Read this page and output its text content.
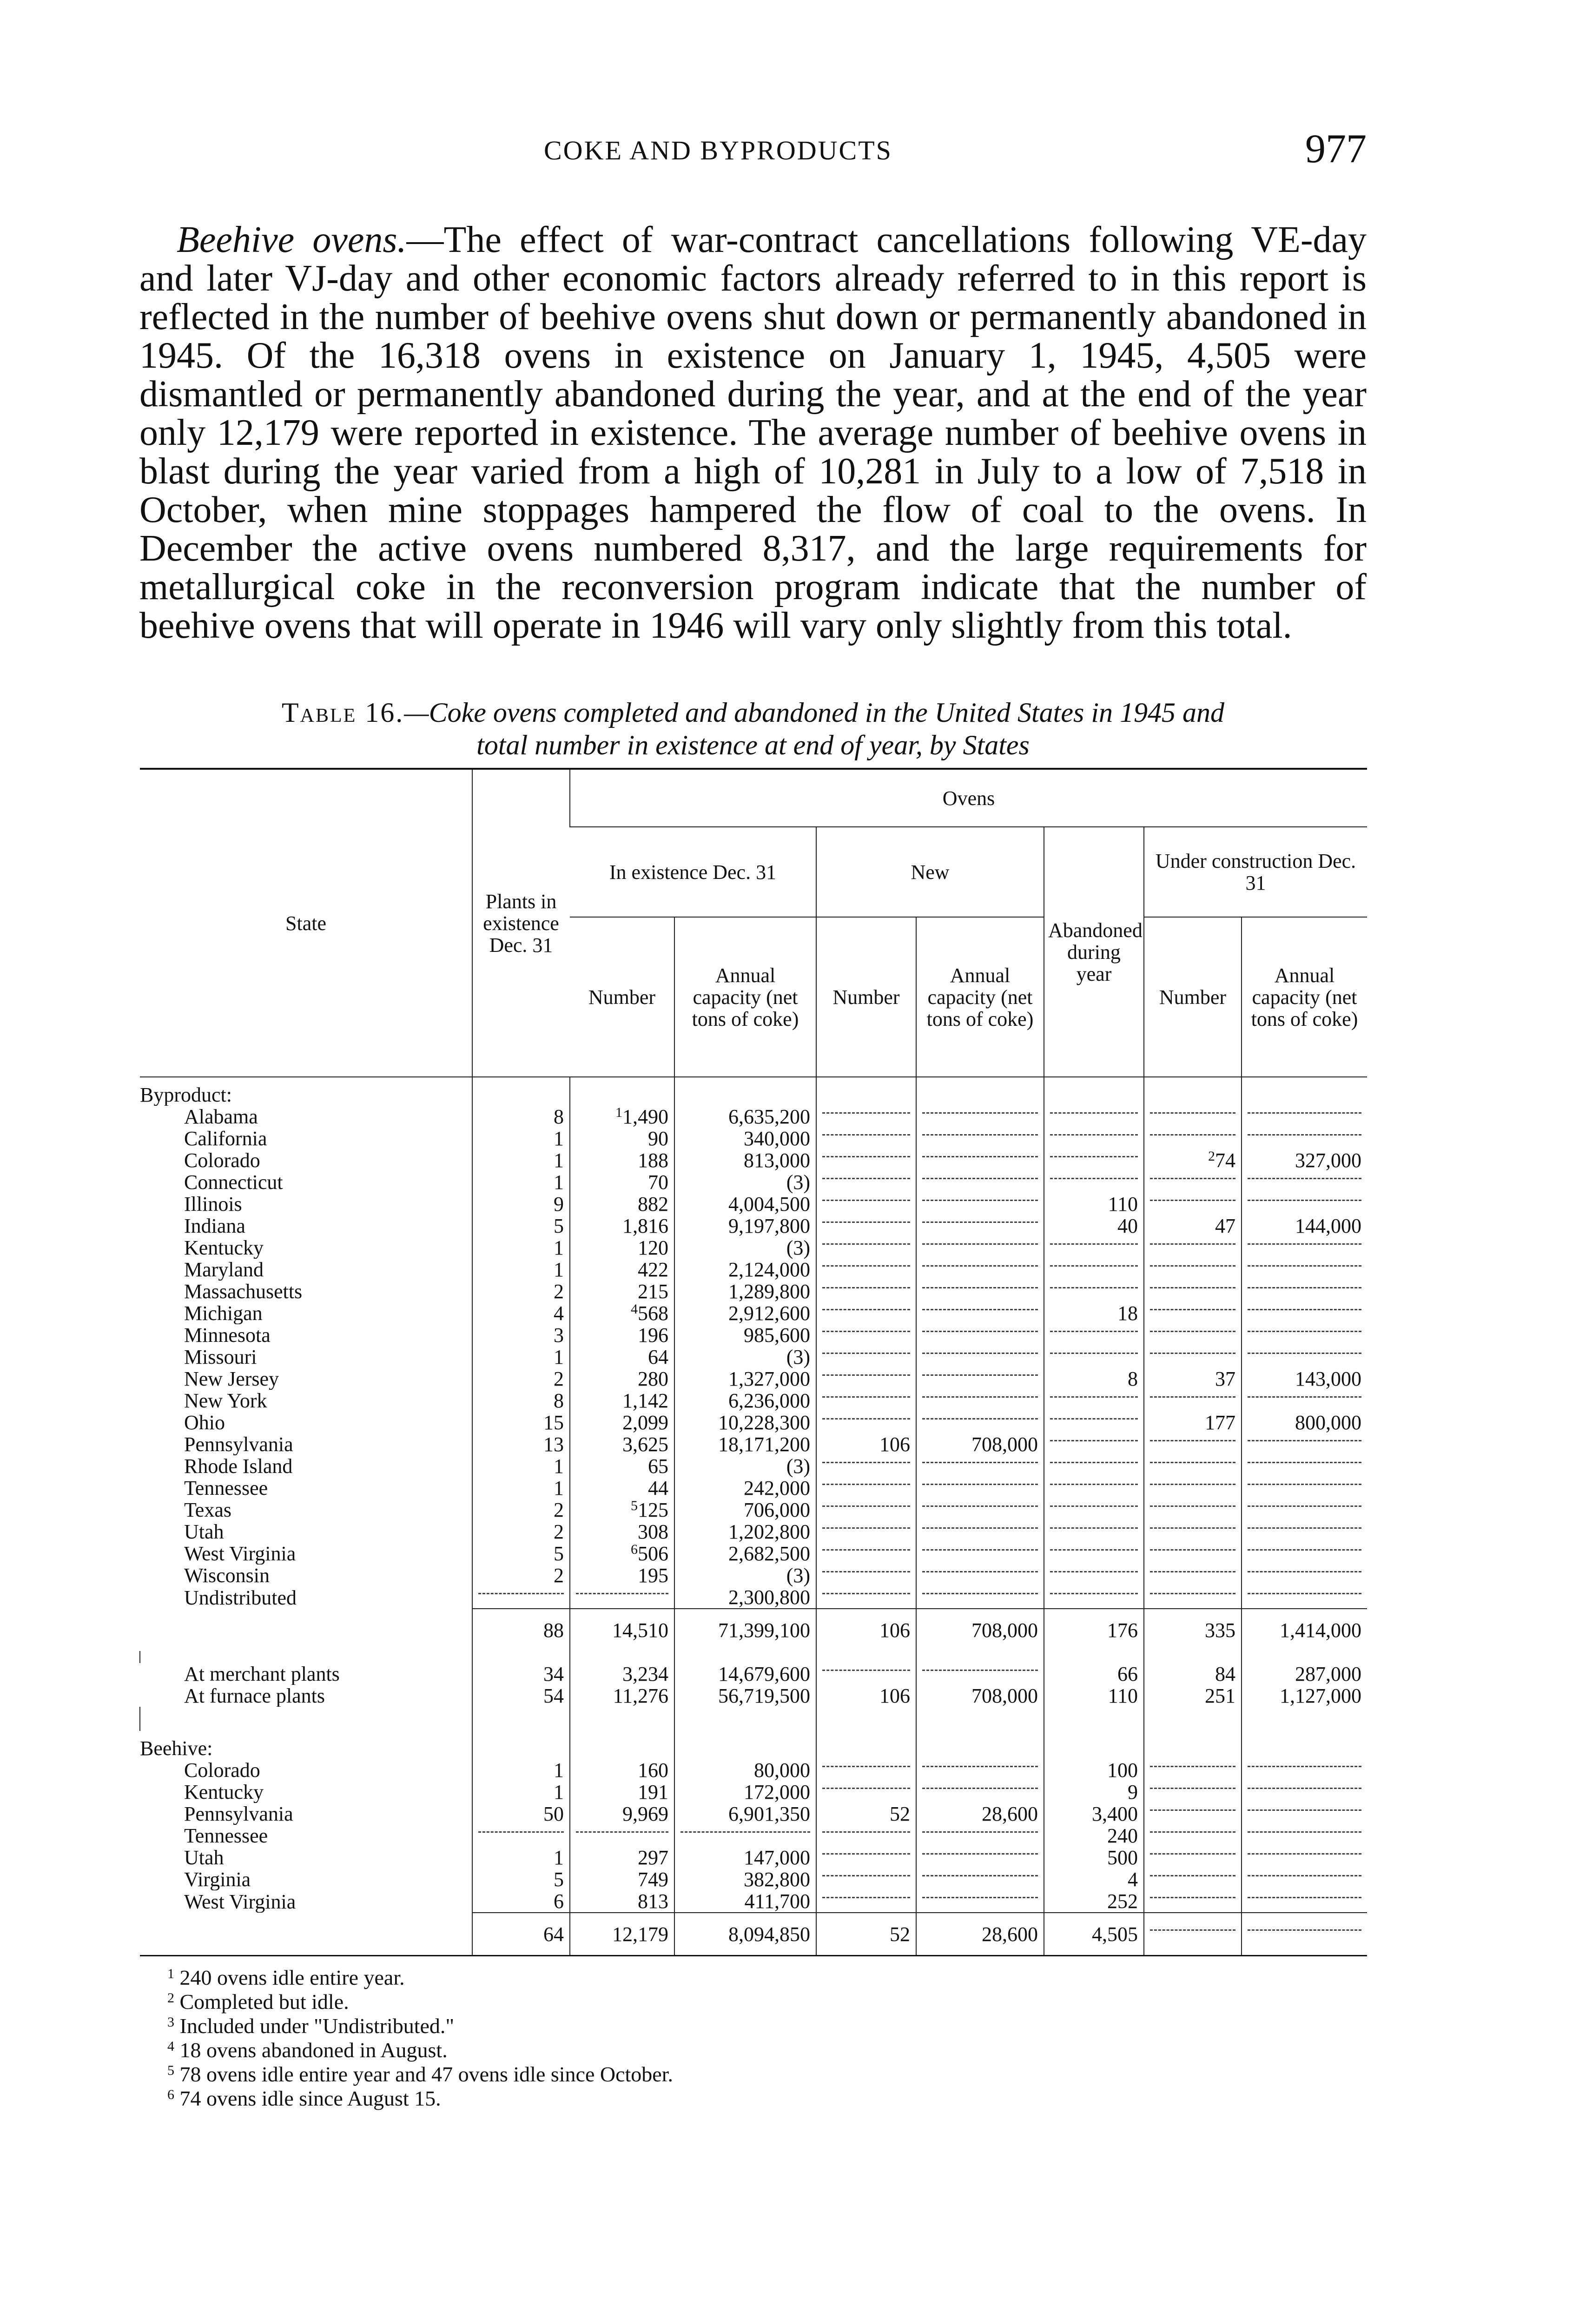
COKE AND BYPRODUCTS	977

Beehive ovens.—The effect of war-contract cancellations following VE-day and later VJ-day and other economic factors already referred to in this report is reflected in the number of beehive ovens shut down or permanently abandoned in 1945. Of the 16,318 ovens in existence on January 1, 1945, 4,505 were dismantled or permanently abandoned during the year, and at the end of the year only 12,179 were reported in existence. The average number of beehive ovens in blast during the year varied from a high of 10,281 in July to a low of 7,518 in October, when mine stoppages hampered the flow of coal to the ovens. In December the active ovens numbered 8,317, and the large requirements for metallurgical coke in the reconversion program indicate that the number of beehive ovens that will operate in 1946 will vary only slightly from this total.

Table 16.—Coke ovens completed and abandoned in the United States in 1945 and
total number in existence at end of year, by States
State	Plants in existence Dec. 31	Ovens						
		In existence Dec. 31		New		Abandoned during year	Under construction Dec. 31	
		Number	Annual capacity (net tons of coke)	Number	Annual capacity (net tons of coke)		Number	Annual capacity (net tons of coke)
Byproduct:								
Alabama	8	$^1$1,490	6,635,200					
California	1	90	340,000					
Colorado	1	188	813,000				$^2$74	327,000
Connecticut	1	70	(3)					
Illinois	9	882	4,004,500			110		
Indiana	5	1,816	9,197,800			40	47	144,000
Kentucky	1	120	(3)					
Maryland	1	422	2,124,000					
Massachusetts	2	215	1,289,800					
Michigan	4	$^4$568	2,912,600			18		
Minnesota	3	196	985,600					
Missouri	1	64	(3)					
New Jersey	2	280	1,327,000			8	37	143,000
New York	8	1,142	6,236,000					
Ohio	15	2,099	10,228,300				177	800,000
Pennsylvania	13	3,625	18,171,200	106	708,000			
Rhode Island	1	65	(3)					
Tennessee	1	44	242,000					
Texas	2	$^5$125	706,000					
Utah	2	308	1,202,800					
West Virginia	5	$^6$506	2,682,500					
Wisconsin	2	195	(3)					
Undistributed			2,300,800					
	88	14,510	71,399,100	106	708,000	176	335	1,414,000

At merchant plants	34	3,234	14,679,600			66	84	287,000
At furnace plants	54	11,276	56,719,500	106	708,000	110	251	1,127,000

Beehive:								
Colorado	1	160	80,000			100		
Kentucky	1	191	172,000			9		
Pennsylvania	50	9,969	6,901,350	52	28,600	3,400		
Tennessee						240		
Utah	1	297	147,000			500		
Virginia	5	749	382,800			4		
West Virginia	6	813	411,700			252		
	64	12,179	8,094,850	52	28,600	4,505		
$^1$ 240 ovens idle entire year.
$^2$ Completed but idle.
$^3$ Included under "Undistributed."
$^4$ 18 ovens abandoned in August.
$^5$ 78 ovens idle entire year and 47 ovens idle since October.
$^6$ 74 ovens idle since August 15.
